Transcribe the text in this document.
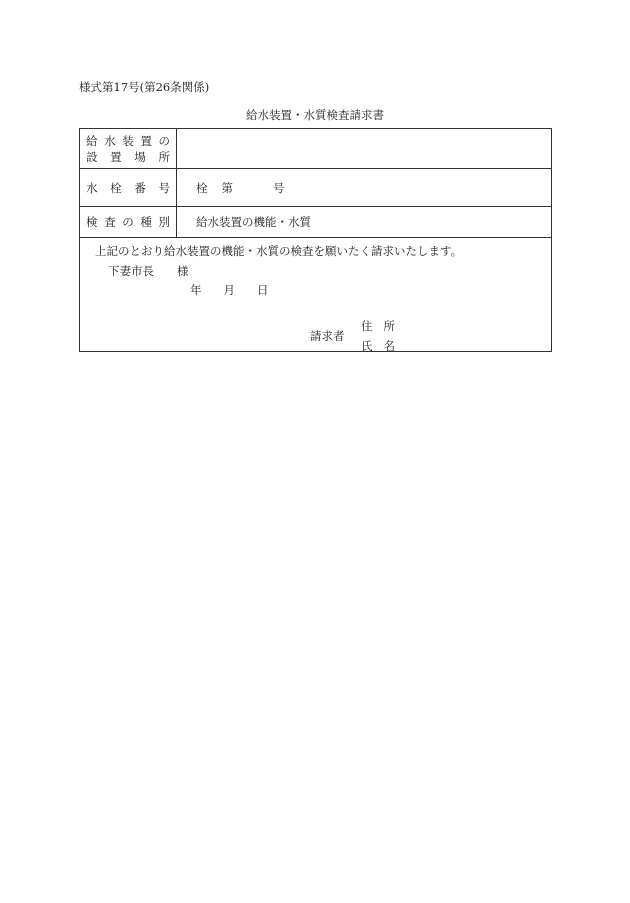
様式第17号(第26条関係)
給水装置・水質検査請求書
給 水 装 置 の
設 置 場 所
水 栓 番 号 栓 第	号
検 査 の 種 別 給水装置の機能・水質
上記のとおり給水装置の機能・水質の検査を願いたく請求いたします。
下妻市長　　様
年 月 日
請求者
住 所
氏 名
